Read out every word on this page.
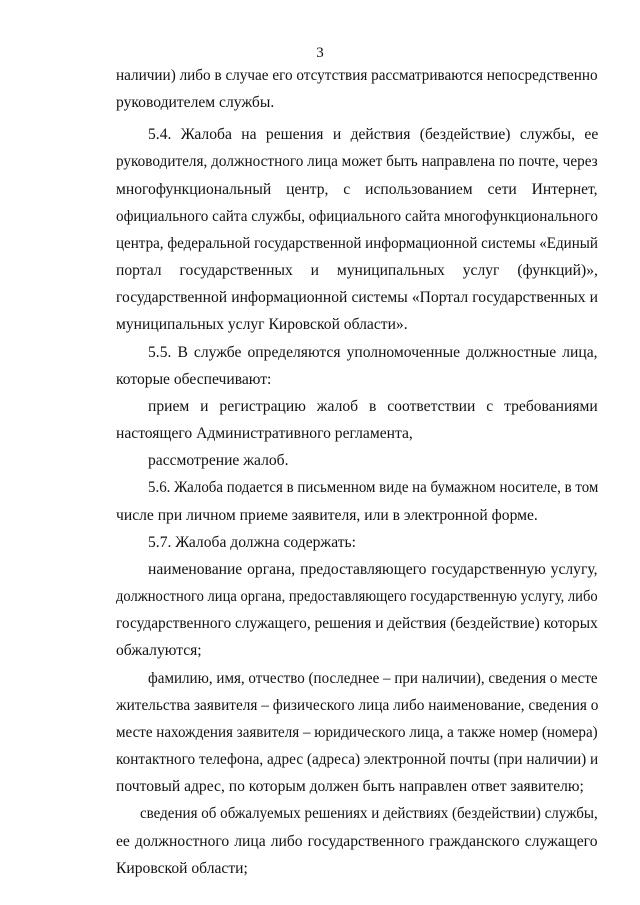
3
наличии) либо в случае его отсутствия рассматриваются непосредственно
руководителем службы.
5.4. Жалоба на решения и действия (бездействие) службы, ее
руководителя, должностного лица может быть направлена по почте, через
многофункциональный центр, с использованием сети Интернет,
официального сайта службы, официального сайта многофункционального
центра, федеральной государственной информационной системы «Единый
портал государственных и муниципальных услуг (функций)»,
государственной информационной системы «Портал государственных и
муниципальных услуг Кировской области».
5.5. В службе определяются уполномоченные должностные лица,
которые обеспечивают:
прием и регистрацию жалоб в соответствии с требованиями
настоящего Административного регламента,
рассмотрение жалоб.
5.6. Жалоба подается в письменном виде на бумажном носителе, в том
числе при личном приеме заявителя, или в электронной форме.
5.7. Жалоба должна содержать:
наименование органа, предоставляющего государственную услугу,
должностного лица органа, предоставляющего государственную услугу, либо
государственного служащего, решения и действия (бездействие) которых
обжалуются;
фамилию, имя, отчество (последнее – при наличии), сведения о месте
жительства заявителя – физического лица либо наименование, сведения о
месте нахождения заявителя – юридического лица, а также номер (номера)
контактного телефона, адрес (адреса) электронной почты (при наличии) и
почтовый адрес, по которым должен быть направлен ответ заявителю;
сведения об обжалуемых решениях и действиях (бездействии) службы,
ее должностного лица либо государственного гражданского служащего
Кировской области;
